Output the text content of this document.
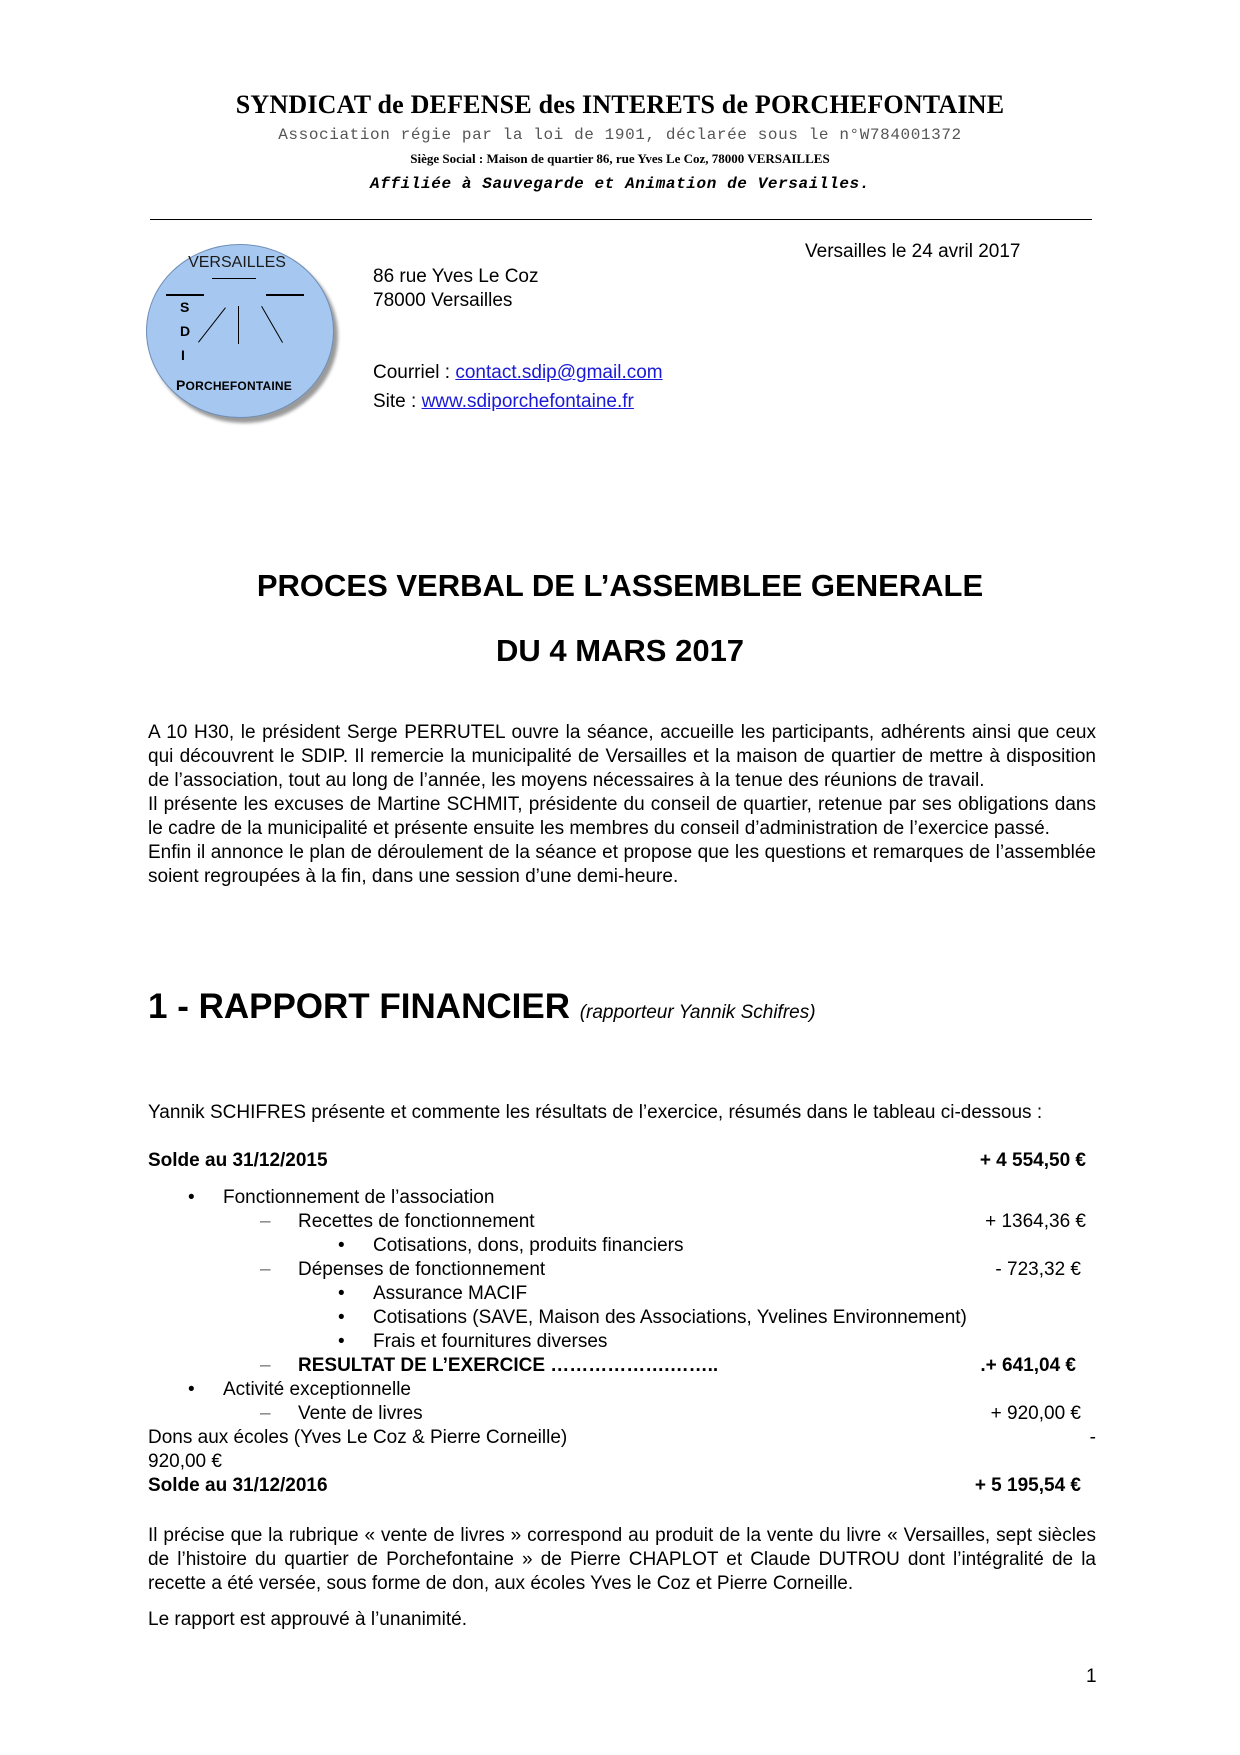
SYNDICAT de DEFENSE des INTERETS de PORCHEFONTAINE
Association régie par la loi de 1901, déclarée sous le n°W784001372
Siège Social : Maison de quartier 86, rue Yves Le Coz, 78000 VERSAILLES
Affiliée à Sauvegarde et Animation de Versailles.
VERSAILLES
S
D
I
PORCHEFONTAINE
86 rue Yves Le Coz
78000 Versailles
Courriel : contact.sdip@gmail.com
Site : www.sdiporchefontaine.fr
Versailles le 24 avril 2017
PROCES VERBAL DE L’ASSEMBLEE GENERALE
DU 4 MARS 2017
A 10 H30, le président Serge PERRUTEL ouvre la séance, accueille les participants, adhérents ainsi que ceux qui découvrent le SDIP. Il remercie la municipalité de Versailles et la maison de quartier de mettre à disposition de l’association, tout au long de l’année, les moyens nécessaires à la tenue des réunions de travail.
Il présente les excuses de Martine SCHMIT, présidente du conseil de quartier, retenue par ses obligations dans le cadre de la municipalité et présente ensuite les membres du conseil d’administration de l’exercice passé.
Enfin il annonce le plan de déroulement de la séance et propose que les questions et remarques de l’assemblée soient regroupées à la fin, dans une session d’une demi-heure.
1 - RAPPORT FINANCIER (rapporteur Yannik Schifres)
Yannik SCHIFRES présente et commente les résultats de l’exercice, résumés dans le tableau ci-dessous :
Solde au 31/12/2015	+ 4 554,50 €
• Fonctionnement de l’association
– Recettes de fonctionnement	+ 1364,36 €
• Cotisations, dons, produits financiers
– Dépenses de fonctionnement	- 723,32 €
• Assurance MACIF
• Cotisations (SAVE, Maison des Associations, Yvelines Environnement)
• Frais et fournitures diverses
– RESULTAT DE L’EXERCICE ……………….……..	.+ 641,04 €
• Activité exceptionnelle
– Vente de livres	+ 920,00 €
Dons aux écoles (Yves Le Coz & Pierre Corneille)	-
920,00 €
Solde au 31/12/2016	+ 5 195,54 €
Il précise que la rubrique « vente de livres » correspond au produit de la vente du livre « Versailles, sept siècles de l’histoire du quartier de Porchefontaine » de Pierre CHAPLOT et Claude DUTROU dont l’intégralité de la recette a été versée, sous forme de don, aux écoles Yves le Coz et Pierre Corneille.
Le rapport est approuvé à l’unanimité.
1
